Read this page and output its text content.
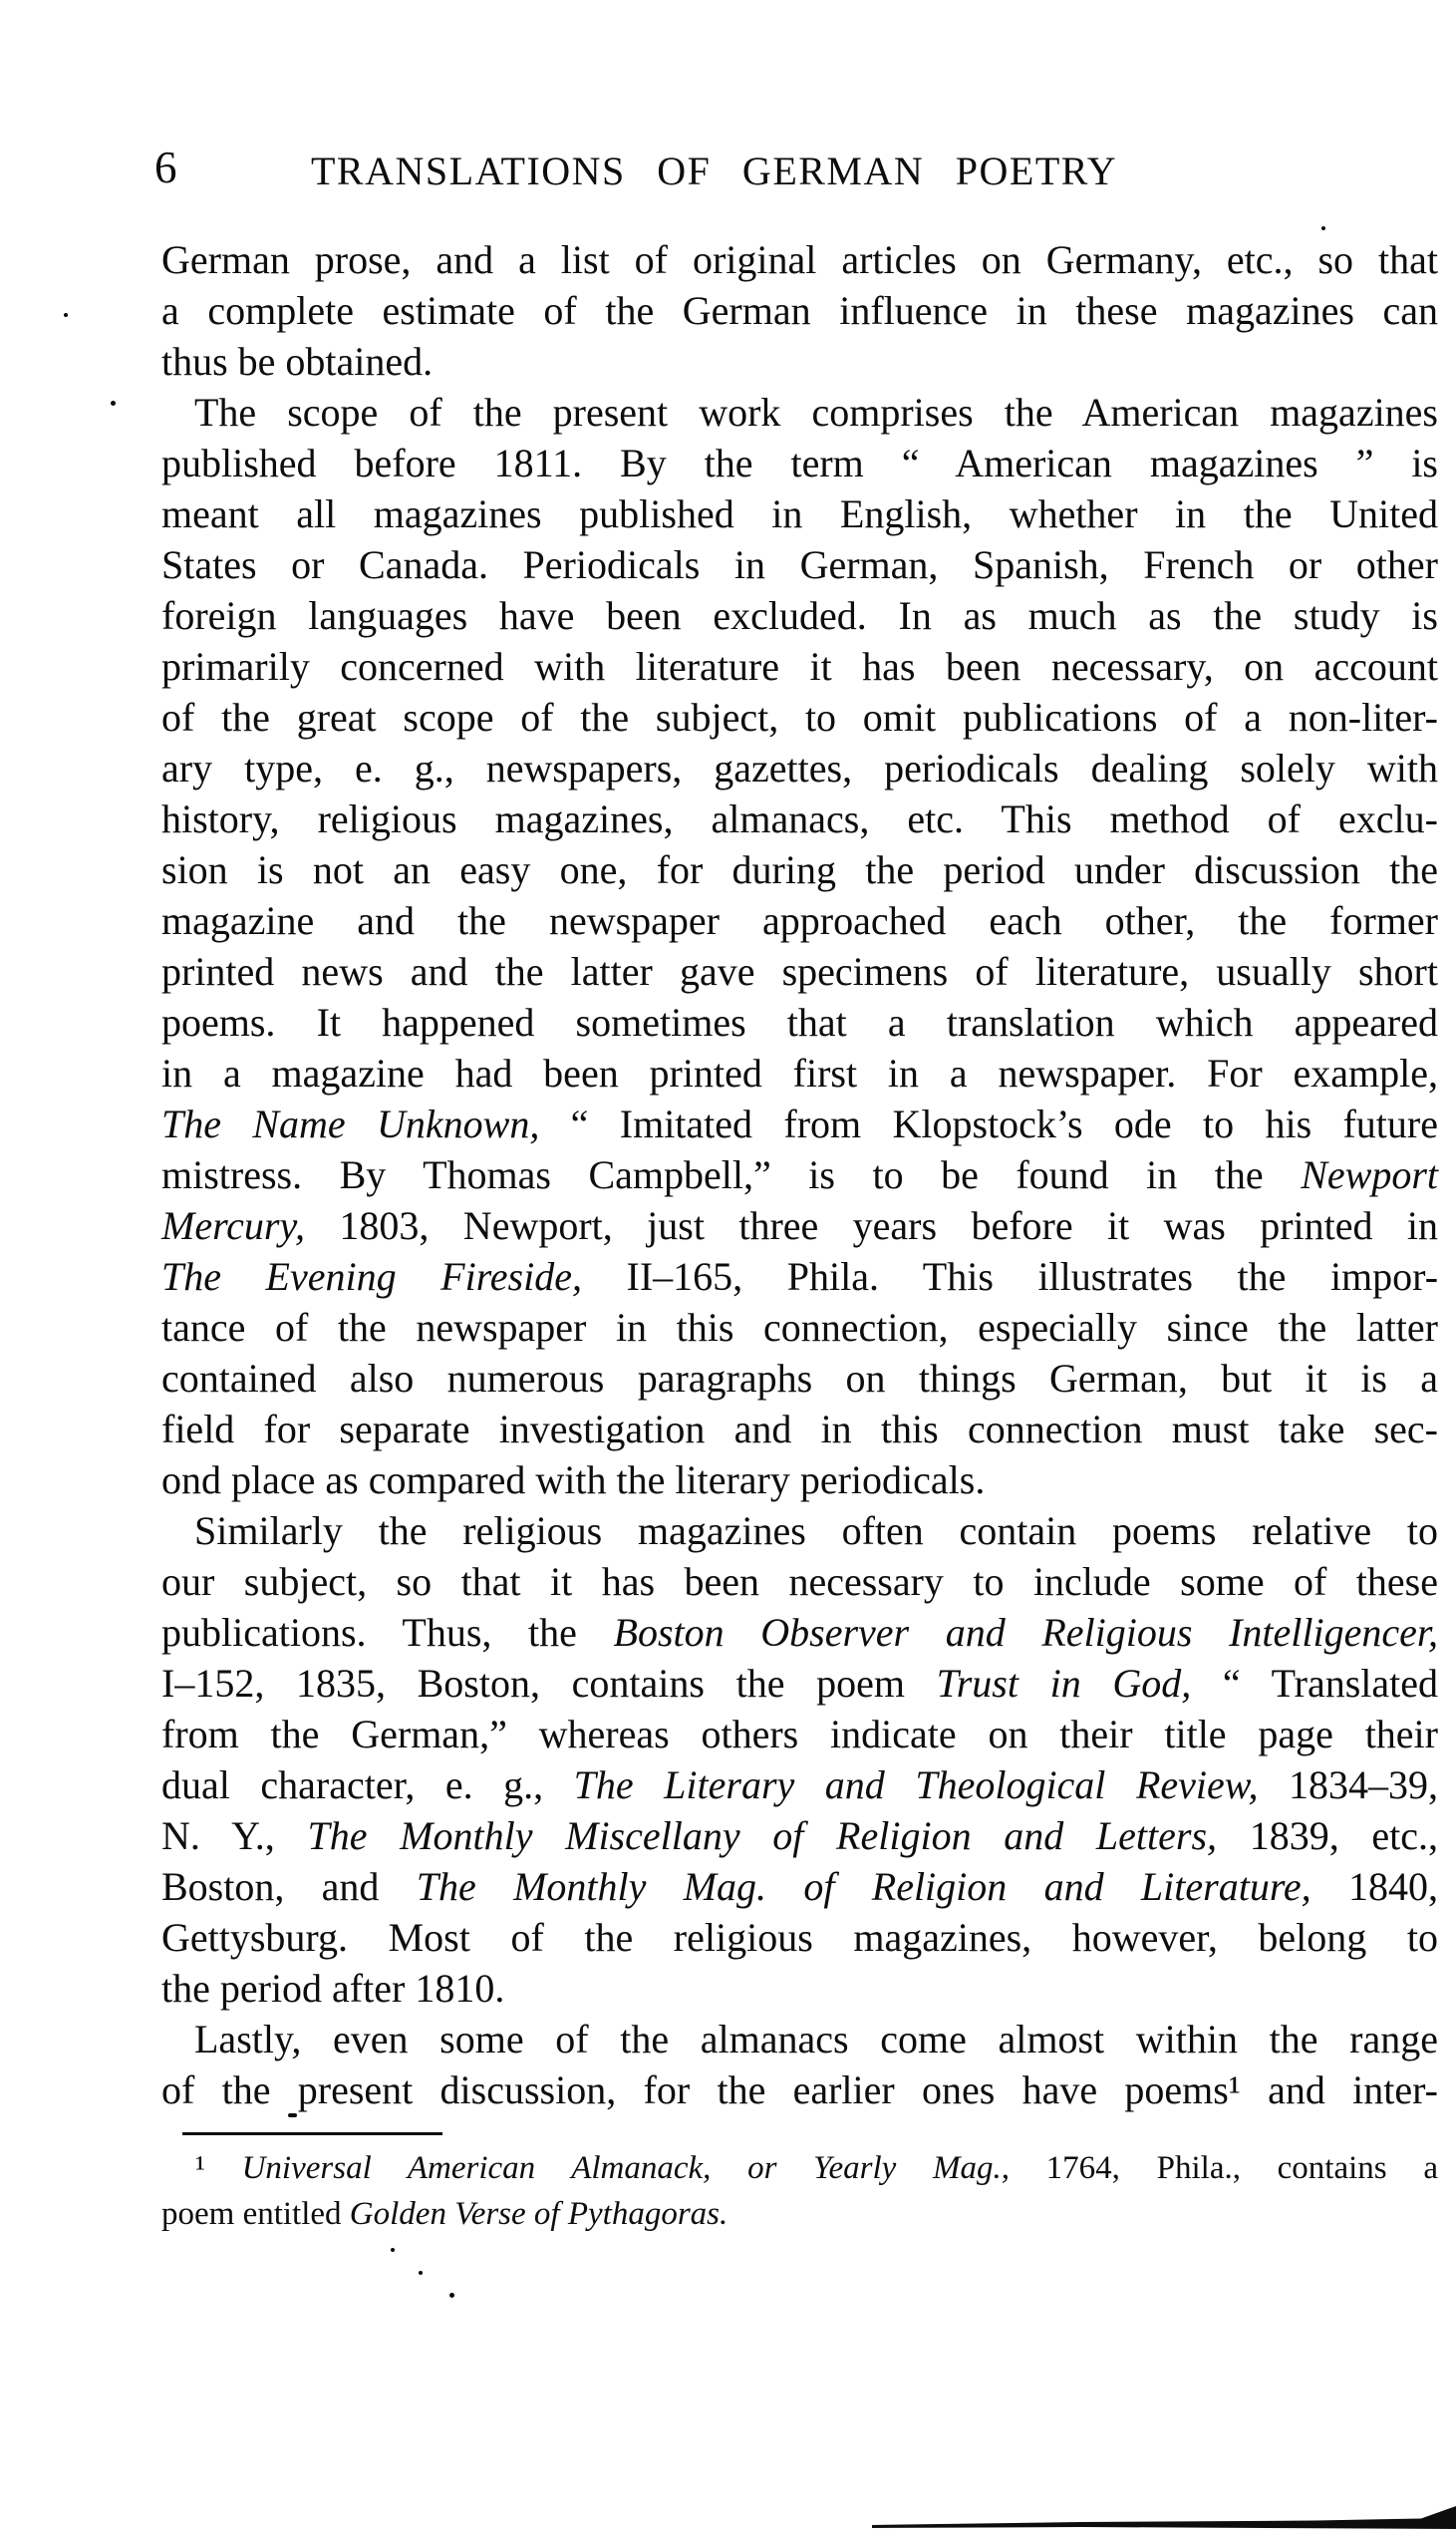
6	TRANSLATIONS OF GERMAN POETRY
German prose, and a list of original articles on Germany, etc., so that
a complete estimate of the German influence in these magazines can
thus be obtained.
The scope of the present work comprises the American magazines
published before 1811. By the term “ American magazines ” is
meant all magazines published in English, whether in the United
States or Canada. Periodicals in German, Spanish, French or other
foreign languages have been excluded. In as much as the study is
primarily concerned with literature it has been necessary, on account
of the great scope of the subject, to omit publications of a non-liter-
ary type, e. g., newspapers, gazettes, periodicals dealing solely with
history, religious magazines, almanacs, etc. This method of exclu-
sion is not an easy one, for during the period under discussion the
magazine and the newspaper approached each other, the former
printed news and the latter gave specimens of literature, usually short
poems. It happened sometimes that a translation which appeared
in a magazine had been printed first in a newspaper. For example,
The Name Unknown, “ Imitated from Klopstock’s ode to his future
mistress. By Thomas Campbell,” is to be found in the Newport
Mercury, 1803, Newport, just three years before it was printed in
The Evening Fireside, II–165, Phila. This illustrates the impor-
tance of the newspaper in this connection, especially since the latter
contained also numerous paragraphs on things German, but it is a
field for separate investigation and in this connection must take sec-
ond place as compared with the literary periodicals.
Similarly the religious magazines often contain poems relative to
our subject, so that it has been necessary to include some of these
publications. Thus, the Boston Observer and Religious Intelligencer,
I–152, 1835, Boston, contains the poem Trust in God, “ Translated
from the German,” whereas others indicate on their title page their
dual character, e. g., The Literary and Theological Review, 1834–39,
N. Y., The Monthly Miscellany of Religion and Letters, 1839, etc.,
Boston, and The Monthly Mag. of Religion and Literature, 1840,
Gettysburg. Most of the religious magazines, however, belong to
the period after 1810.
Lastly, even some of the almanacs come almost within the range
of the present discussion, for the earlier ones have poems¹ and inter-
¹ Universal American Almanack, or Yearly Mag., 1764, Phila., contains a
poem entitled Golden Verse of Pythagoras.
